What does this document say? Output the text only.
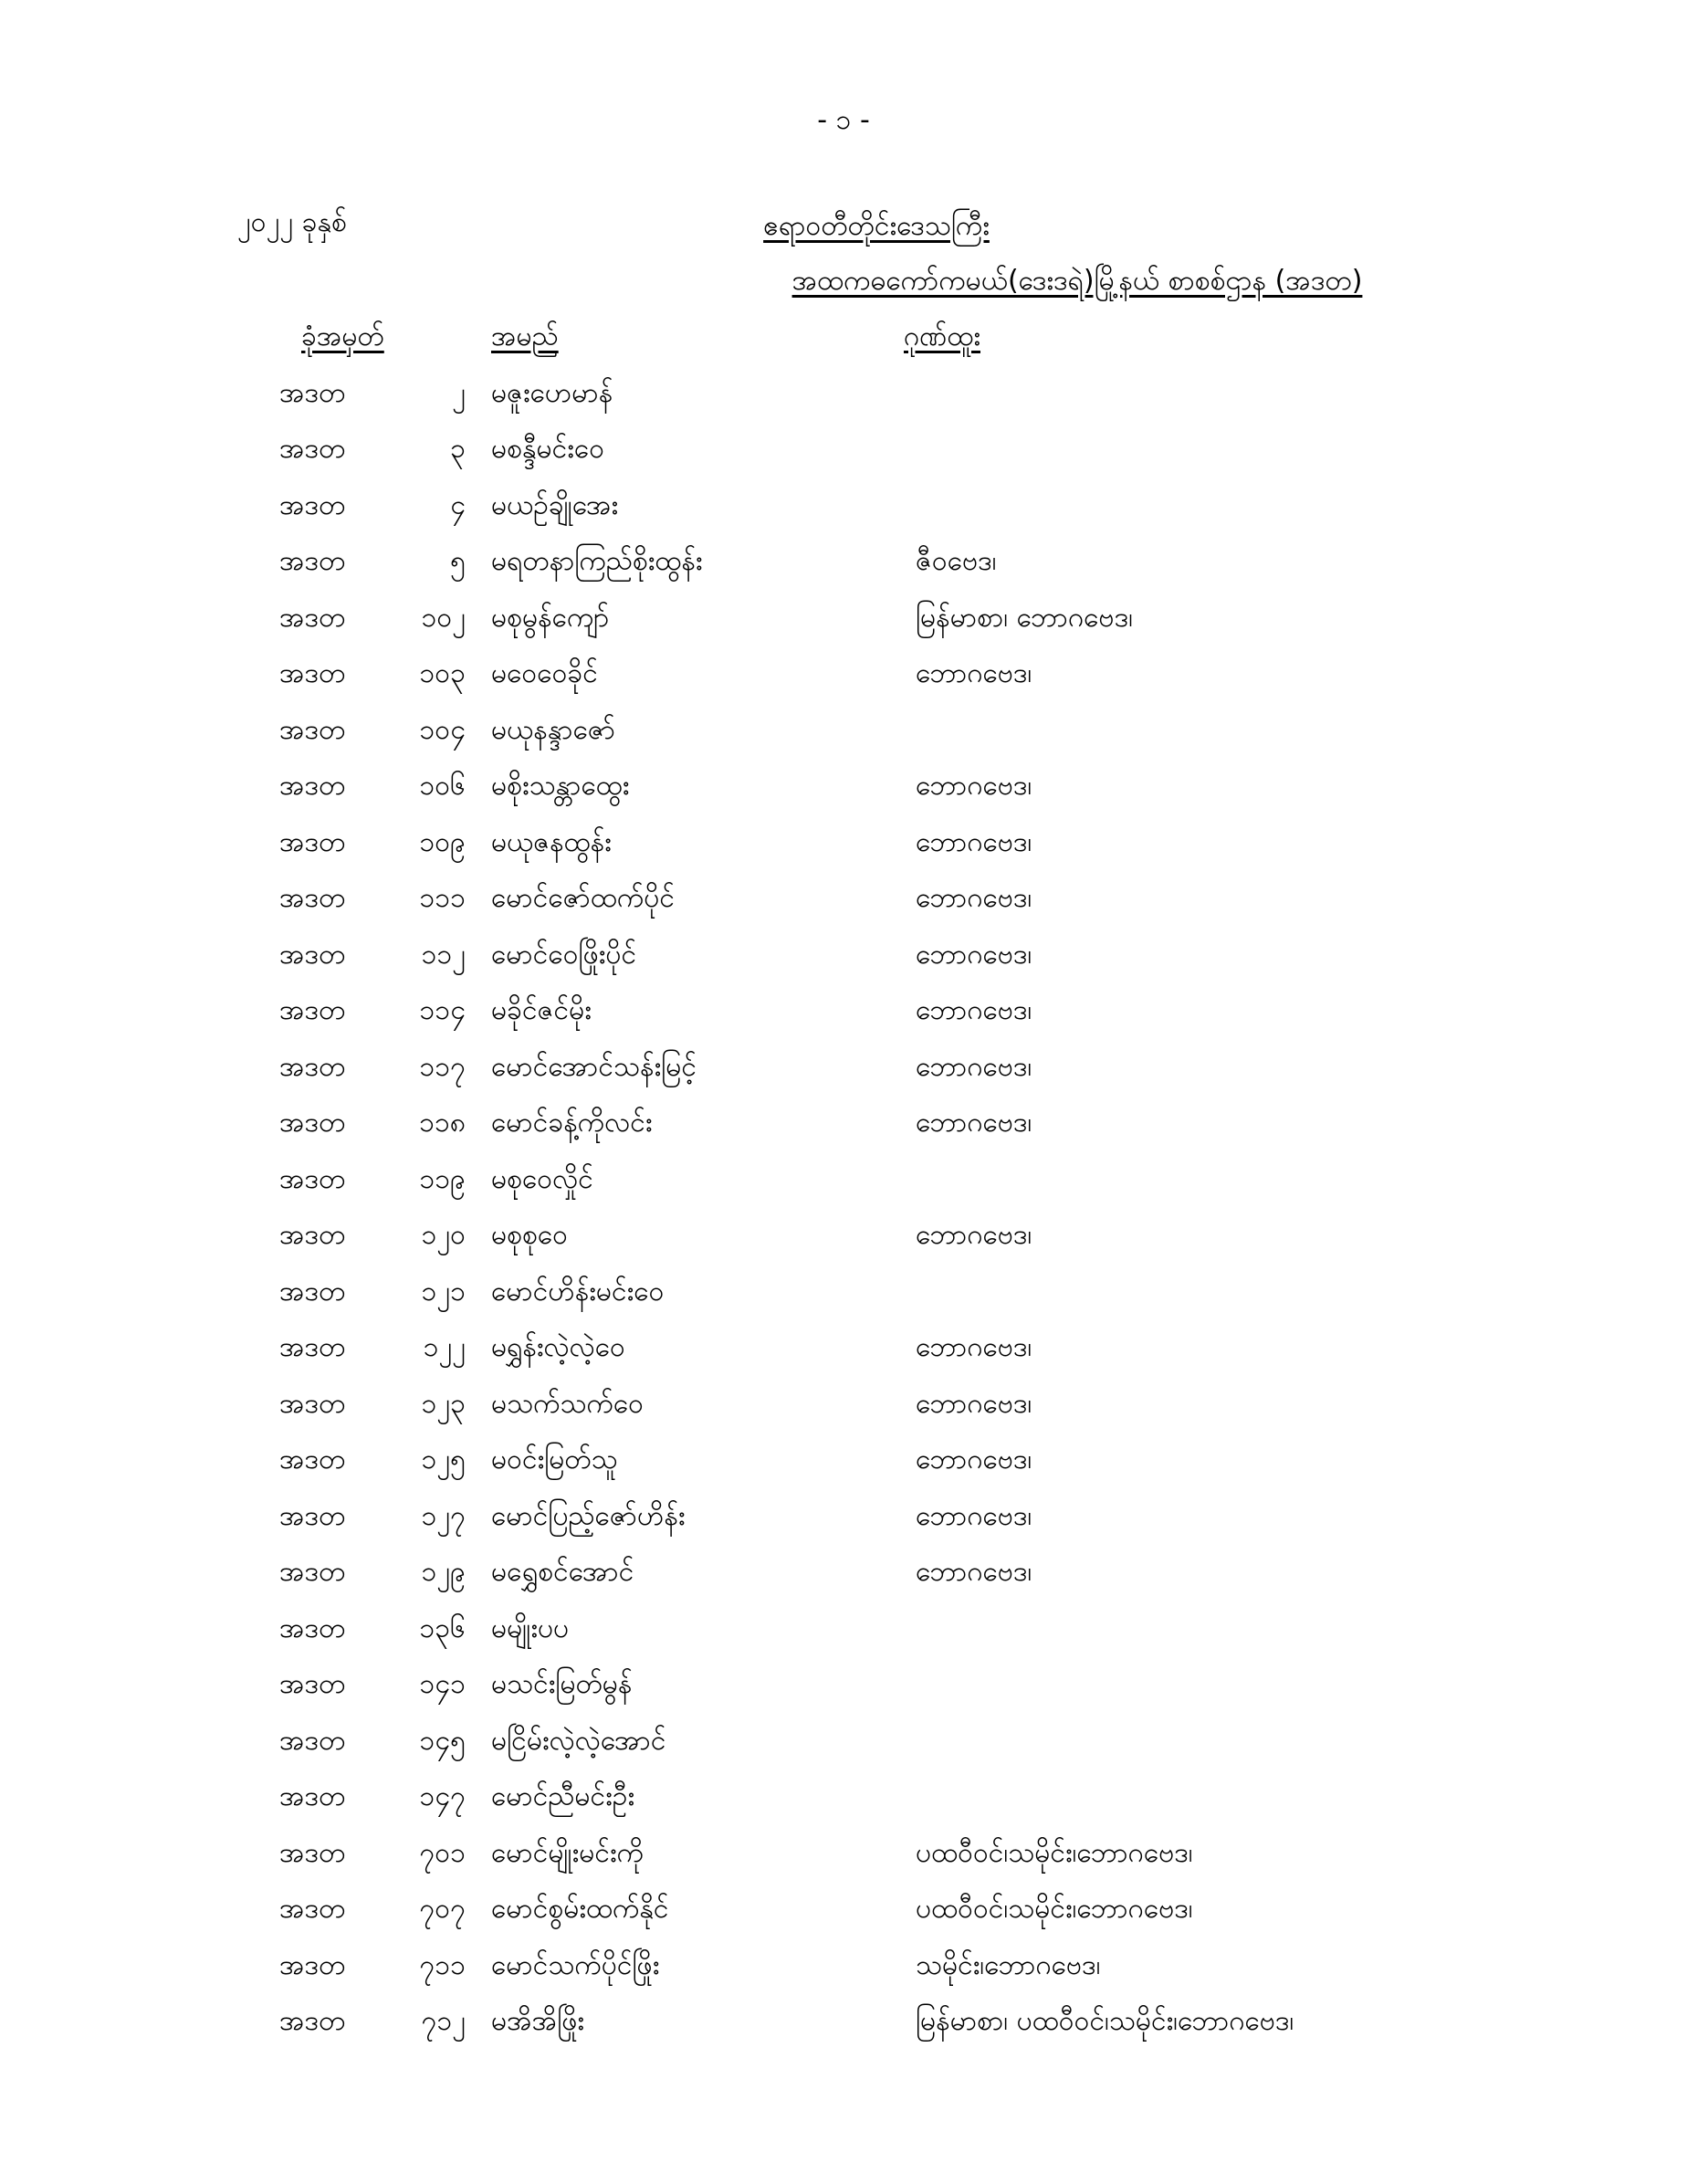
- ၁ -
၂၀၂၂ ခုနှစ်	ဧရာဝတီတိုင်းဒေသကြီး
အထကဓကော်ကမယ်(ဒေးဒရဲ)မြို့နယ် စာစစ်ဌာန (အဒတ)
ခုံအမှတ်	အမည်	ဂုဏ်ထူး
အဒတ	၂ မဇူးဟေမာန်
အဒတ	၃ မစန္ဒီမင်းဝေ
အဒတ	၄ မယဉ်ချိုအေး
အဒတ	၅ မရတနာကြည်စိုးထွန်း	ဇီဝဗေဒ၊
အဒတ	၁၀၂ မစုမွန်ကျော်	မြန်မာစာ၊ ဘောဂဗေဒ၊
အဒတ	၁၀၃ မဝေဝေခိုင်	ဘောဂဗေဒ၊
အဒတ	၁၀၄ မယုနန္ဒာဇော်
အဒတ	၁၀၆ မစိုးသန္တာထွေး	ဘောဂဗေဒ၊
အဒတ	၁၀၉ မယုဇနထွန်း	ဘောဂဗေဒ၊
အဒတ	၁၁၁ မောင်ဇော်ထက်ပိုင်	ဘောဂဗေဒ၊
အဒတ	၁၁၂ မောင်ဝေဖြိုးပိုင်	ဘောဂဗေဒ၊
အဒတ	၁၁၄ မခိုင်ဇင်မိုး	ဘောဂဗေဒ၊
အဒတ	၁၁၇ မောင်အောင်သန်းမြင့်	ဘောဂဗေဒ၊
အဒတ	၁၁၈ မောင်ခန့်ကိုလင်း	ဘောဂဗေဒ၊
အဒတ	၁၁၉ မစုဝေလှိုင်
အဒတ	၁၂၀ မစုစုဝေ	ဘောဂဗေဒ၊
အဒတ	၁၂၁ မောင်ဟိန်းမင်းဝေ
အဒတ	၁၂၂ မရွှန်းလဲ့လဲ့ဝေ	ဘောဂဗေဒ၊
အဒတ	၁၂၃ မသက်သက်ဝေ	ဘောဂဗေဒ၊
အဒတ	၁၂၅ မဝင်းမြတ်သူ	ဘောဂဗေဒ၊
အဒတ	၁၂၇ မောင်ပြည့်ဇော်ဟိန်း	ဘောဂဗေဒ၊
အဒတ	၁၂၉ မရွှေစင်အောင်	ဘောဂဗေဒ၊
အဒတ	၁၃၆ မမျိုးပပ
အဒတ	၁၄၁ မသင်းမြတ်မွန်
အဒတ	၁၄၅ မငြိမ်းလဲ့လဲ့အောင်
အဒတ	၁၄၇ မောင်ညီမင်းဦး
အဒတ	၇၀၁ မောင်မျိုးမင်းကို	ပထဝီဝင်၊သမိုင်း၊ဘောဂဗေဒ၊
အဒတ	၇၀၇ မောင်စွမ်းထက်နိုင်	ပထဝီဝင်၊သမိုင်း၊ဘောဂဗေဒ၊
အဒတ	၇၁၁ မောင်သက်ပိုင်ဖြိုး	သမိုင်း၊ဘောဂဗေဒ၊
အဒတ	၇၁၂ မအိအိဖြိုး	မြန်မာစာ၊ ပထဝီဝင်၊သမိုင်း၊ဘောဂဗေဒ၊
